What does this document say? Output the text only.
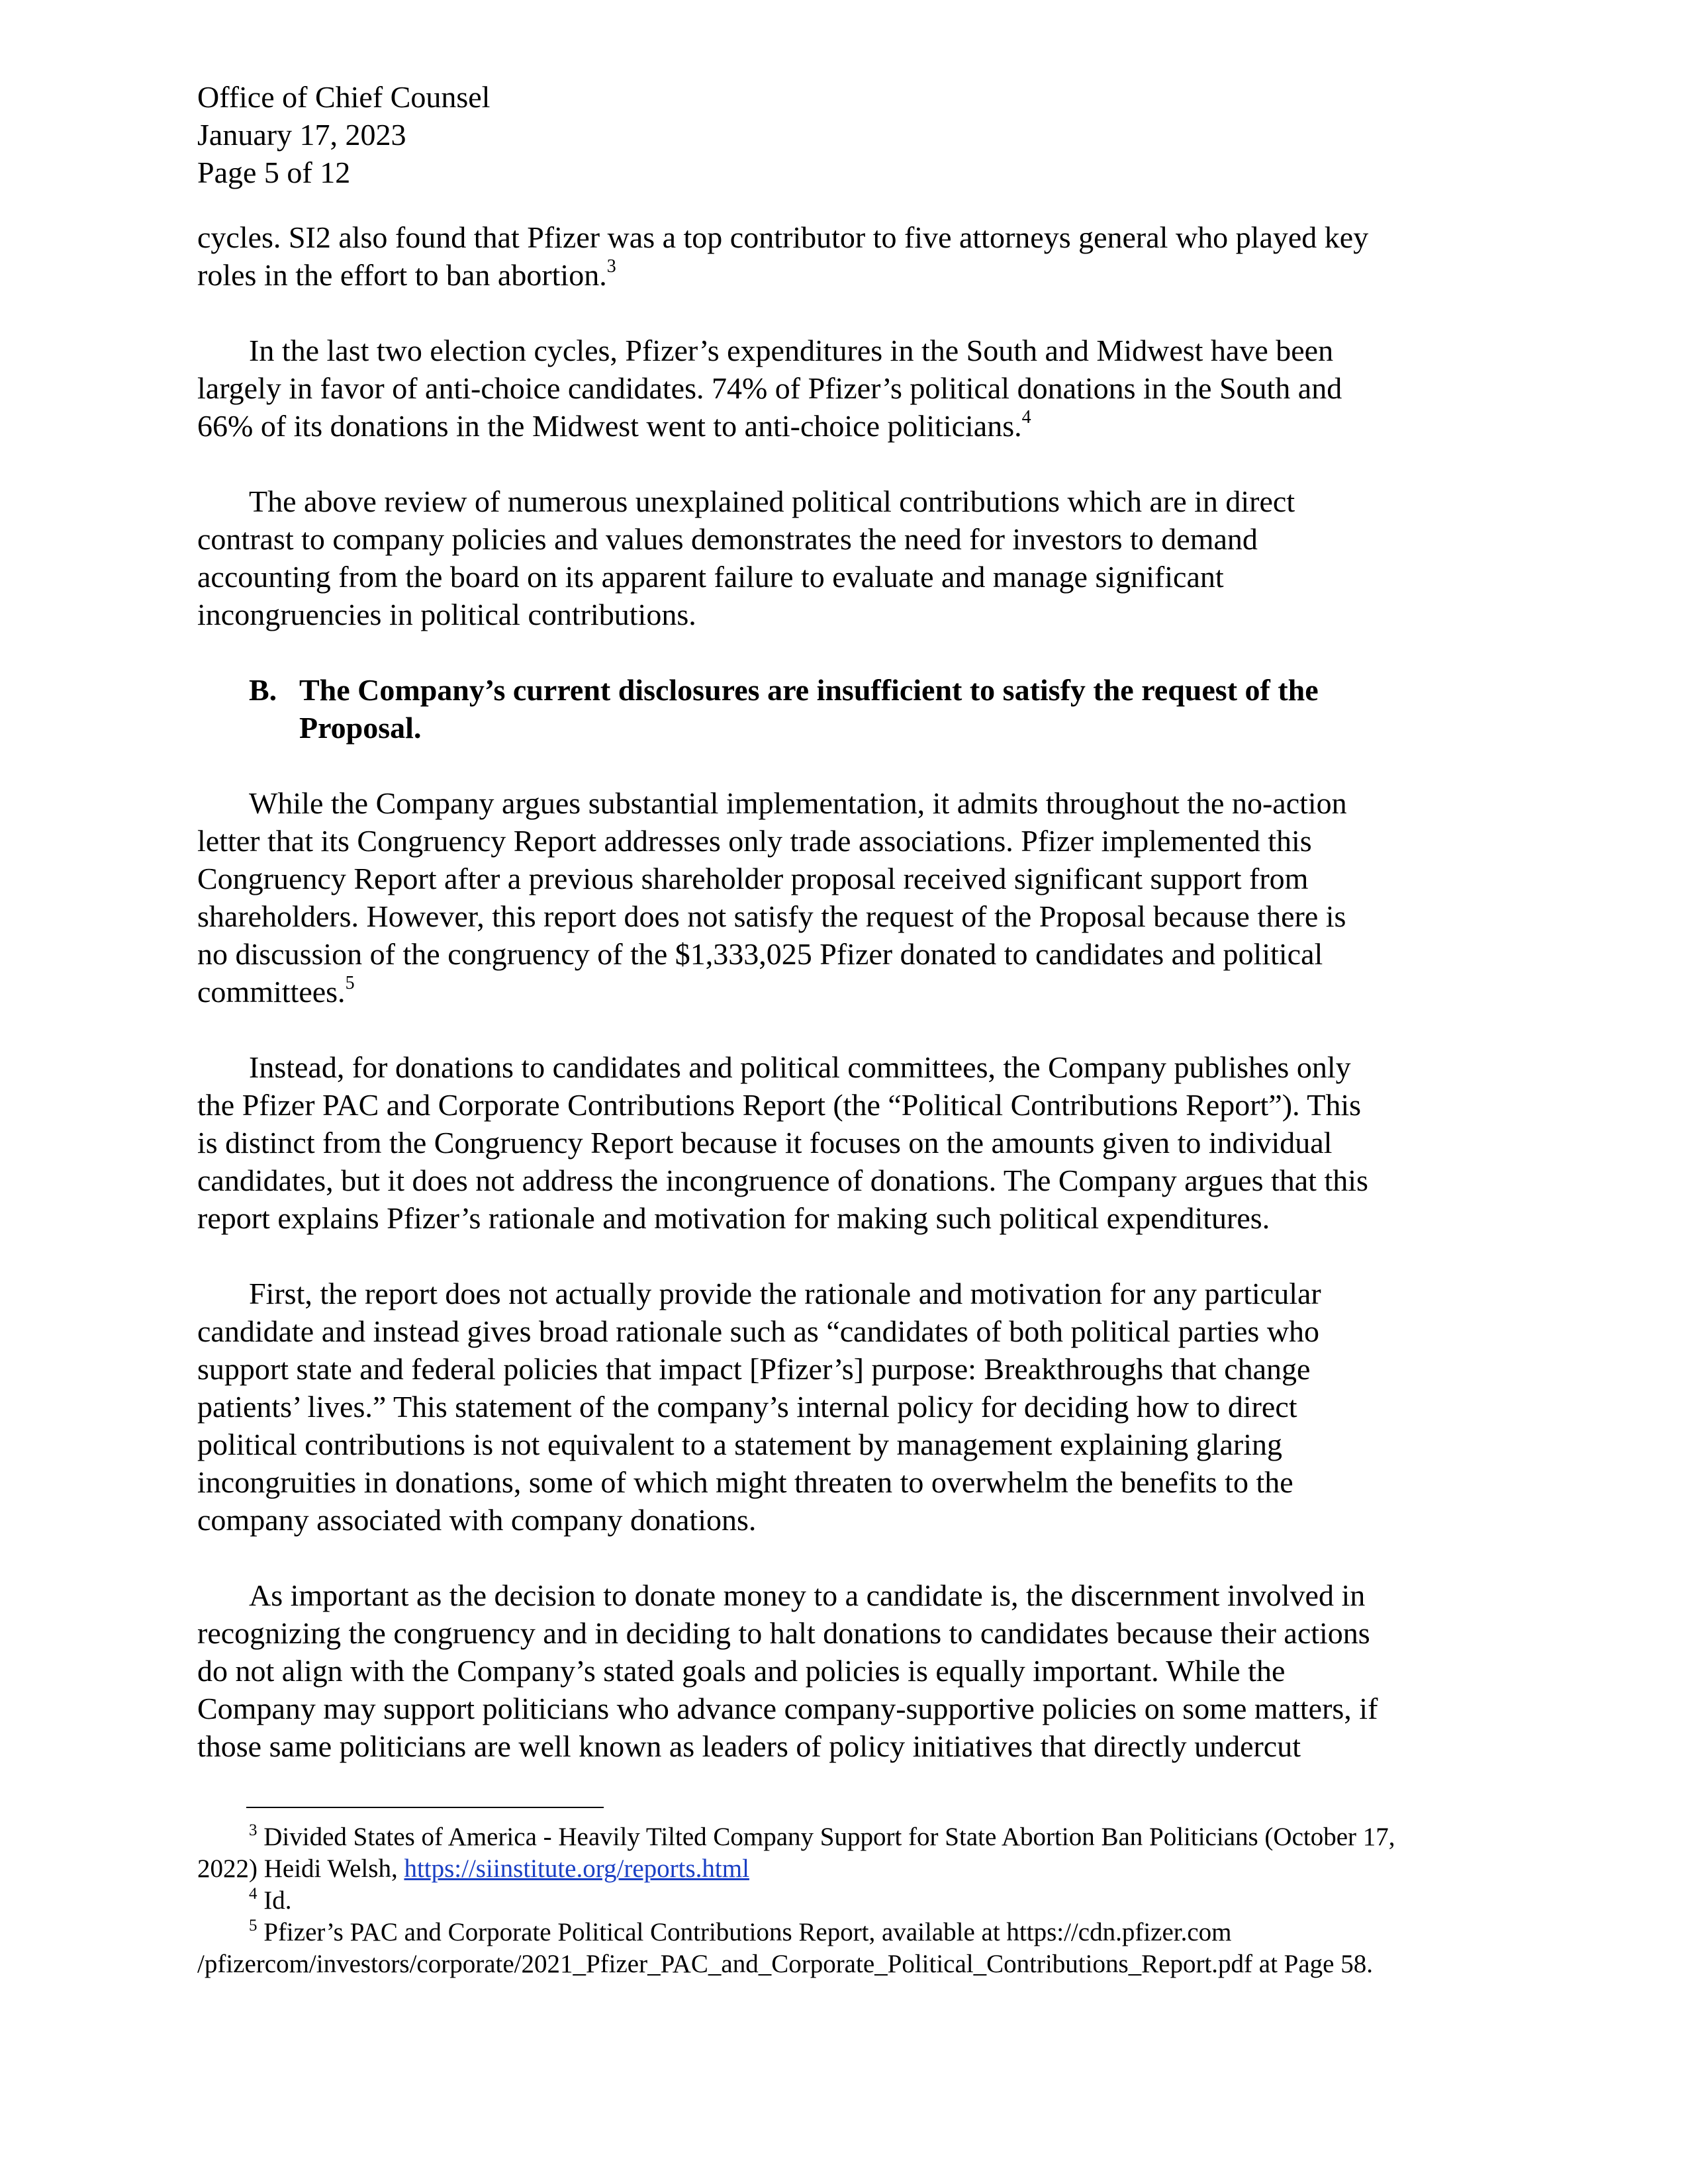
Office of Chief Counsel
January 17, 2023
Page 5 of 12

cycles. SI2 also found that Pfizer was a top contributor to five attorneys general who played key
roles in the effort to ban abortion.$^3$

In the last two election cycles, Pfizer’s expenditures in the South and Midwest have been
largely in favor of anti-choice candidates. 74% of Pfizer’s political donations in the South and
66% of its donations in the Midwest went to anti-choice politicians.$^4$

The above review of numerous unexplained political contributions which are in direct
contrast to company policies and values demonstrates the need for investors to demand
accounting from the board on its apparent failure to evaluate and manage significant
incongruencies in political contributions.

B. The Company’s current disclosures are insufficient to satisfy the request of the
Proposal.

While the Company argues substantial implementation, it admits throughout the no-action
letter that its Congruency Report addresses only trade associations. Pfizer implemented this
Congruency Report after a previous shareholder proposal received significant support from
shareholders. However, this report does not satisfy the request of the Proposal because there is
no discussion of the congruency of the $1,333,025 Pfizer donated to candidates and political
committees.$^5$

Instead, for donations to candidates and political committees, the Company publishes only
the Pfizer PAC and Corporate Contributions Report (the “Political Contributions Report”). This
is distinct from the Congruency Report because it focuses on the amounts given to individual
candidates, but it does not address the incongruence of donations. The Company argues that this
report explains Pfizer’s rationale and motivation for making such political expenditures.

First, the report does not actually provide the rationale and motivation for any particular
candidate and instead gives broad rationale such as “candidates of both political parties who
support state and federal policies that impact [Pfizer’s] purpose: Breakthroughs that change
patients’ lives.” This statement of the company’s internal policy for deciding how to direct
political contributions is not equivalent to a statement by management explaining glaring
incongruities in donations, some of which might threaten to overwhelm the benefits to the
company associated with company donations.

As important as the decision to donate money to a candidate is, the discernment involved in
recognizing the congruency and in deciding to halt donations to candidates because their actions
do not align with the Company’s stated goals and policies is equally important. While the
Company may support politicians who advance company-supportive policies on some matters, if
those same politicians are well known as leaders of policy initiatives that directly undercut

$^3$ Divided States of America - Heavily Tilted Company Support for State Abortion Ban Politicians (October 17,
2022) Heidi Welsh, https://siinstitute.org/reports.html
$^4$ Id.
$^5$ Pfizer’s PAC and Corporate Political Contributions Report, available at https://cdn.pfizer.com
/pfizercom/investors/corporate/2021_Pfizer_PAC_and_Corporate_Political_Contributions_Report.pdf at Page 58.
